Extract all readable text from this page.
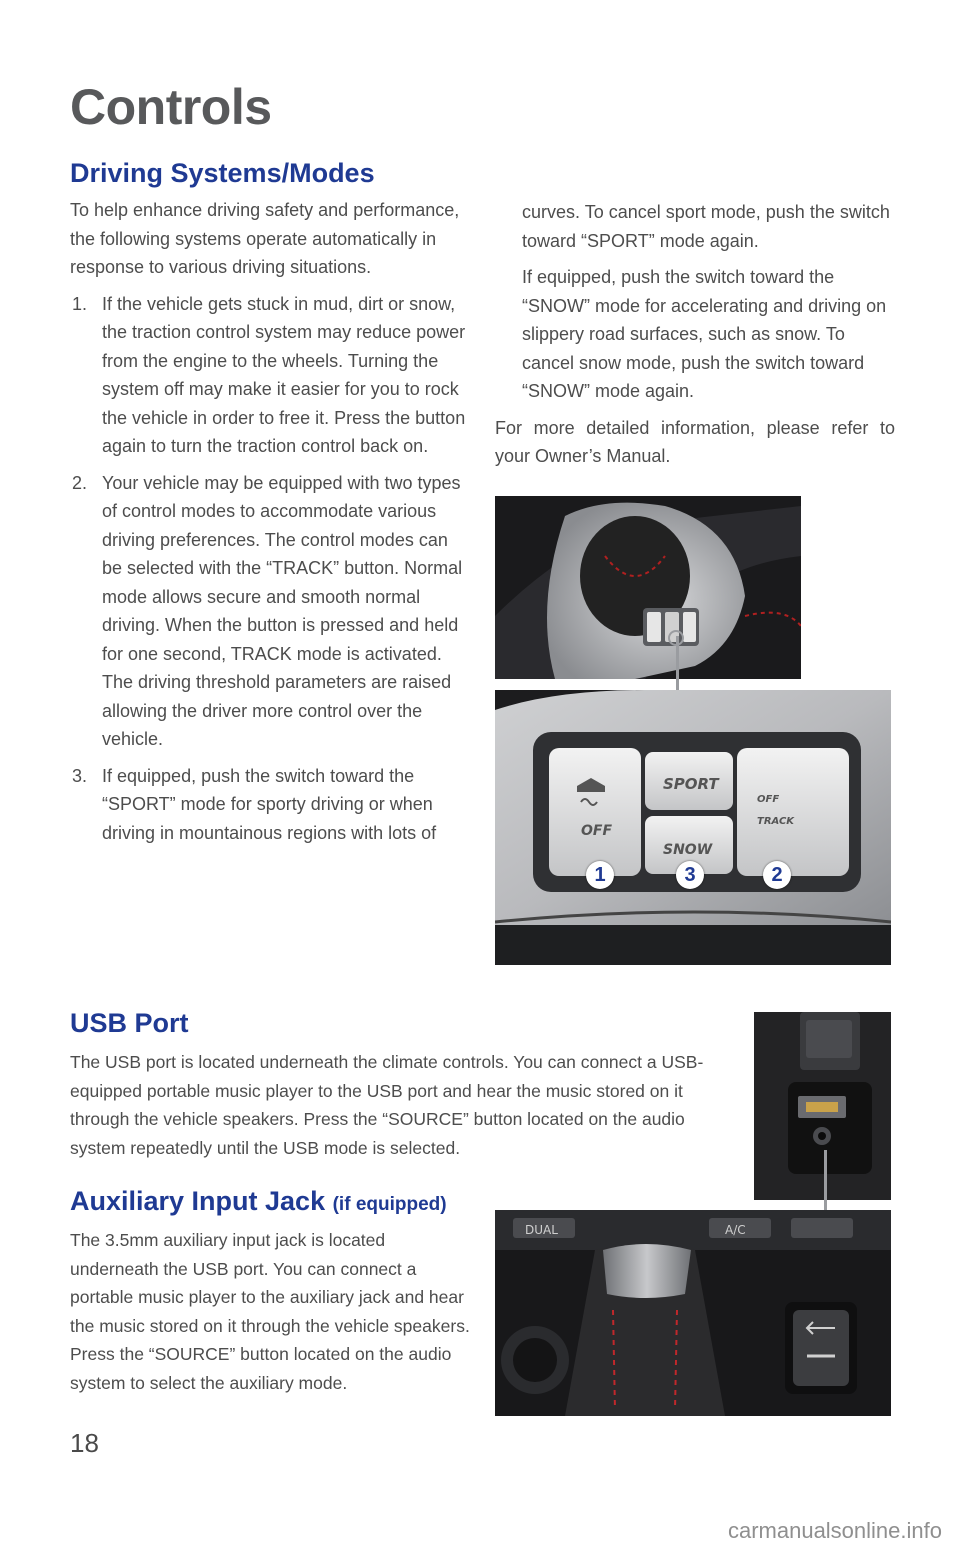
Controls
Driving Systems/Modes

To help enhance driving safety and performance, the following systems operate automatically in response to various driving situations.

1. If the vehicle gets stuck in mud, dirt or snow, the traction control system may reduce power from the engine to the wheels. Turning the system off may make it easier for you to rock the vehicle in order to free it. Press the button again to turn the traction control back on.
2. Your vehicle may be equipped with two types of control modes to accommodate various driving preferences. The control modes can be selected with the “TRACK” button. Normal mode allows secure and smooth normal driving. When the button is pressed and held for one second, TRACK mode is activated. The driving threshold parameters are raised allowing the driver more control over the vehicle.
3. If equipped, push the switch toward the “SPORT” mode for sporty driving or when driving in mountainous regions with lots of

curves. To cancel sport mode, push the switch toward “SPORT” mode again.

If equipped, push the switch toward the “SNOW” mode for accelerating and driving on slippery road surfaces, such as snow. To cancel snow mode, push the switch toward “SNOW” mode again.

For more detailed information, please refer to your Owner’s Manual.

SPORT
SNOW
OFF
TRACK
OFF
1	3	2
USB Port
The USB port is located underneath the climate controls. You can connect a USB-equipped portable music player to the USB port and hear the music stored on it through the vehicle speakers. Press the “SOURCE” button located on the audio system repeatedly until the USB mode is selected.
Auxiliary Input Jack (if equipped)
The 3.5mm auxiliary input jack is located underneath the USB port. You can connect a portable music player to the auxiliary jack and hear the music stored on it through the vehicle speakers. Press the “SOURCE” button located on the audio system to select the auxiliary mode.
DUAL	A/C
18
carmanualsonline.info
